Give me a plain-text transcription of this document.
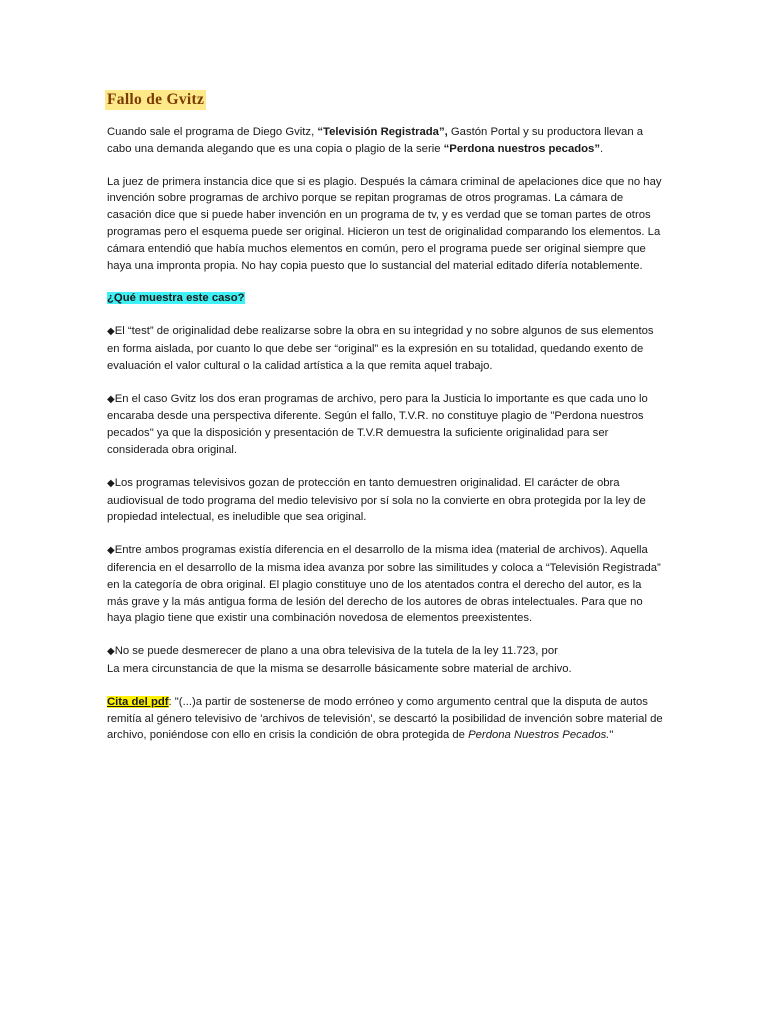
Fallo de Gvitz

Cuando sale el programa de Diego Gvitz, “Televisión Registrada”, Gastón Portal y su productora llevan a cabo una demanda alegando que es una copia o plagio de la serie “Perdona nuestros pecados”.

La juez de primera instancia dice que si es plagio. Después la cámara criminal de apelaciones dice que no hay invención sobre programas de archivo porque se repitan programas de otros programas. La cámara de casación dice que si puede haber invención en un programa de tv, y es verdad que se toman partes de otros programas pero el esquema puede ser original. Hicieron un test de originalidad comparando los elementos. La cámara entendió que había muchos elementos en común, pero el programa puede ser original siempre que haya una impronta propia. No hay copia puesto que lo sustancial del material editado difería notablemente.

¿Qué muestra este caso?

◆El “test” de originalidad debe realizarse sobre la obra en su integridad y no sobre algunos de sus elementos en forma aislada, por cuanto lo que debe ser “original” es la expresión en su totalidad, quedando exento de evaluación el valor cultural o la calidad artística a la que remita aquel trabajo.

◆En el caso Gvitz los dos eran programas de archivo, pero para la Justicia lo importante es que cada uno lo encaraba desde una perspectiva diferente. Según el fallo, T.V.R. no constituye plagio de "Perdona nuestros pecados" ya que la disposición y presentación de T.V.R demuestra la suficiente originalidad para ser considerada obra original.

◆Los programas televisivos gozan de protección en tanto demuestren originalidad. El carácter de obra audiovisual de todo programa del medio televisivo por sí sola no la convierte en obra protegida por la ley de propiedad intelectual, es ineludible que sea original.

◆Entre ambos programas existía diferencia en el desarrollo de la misma idea (material de archivos). Aquella diferencia en el desarrollo de la misma idea avanza por sobre las similitudes y coloca a “Televisión Registrada” en la categoría de obra original. El plagio constituye uno de los atentados contra el derecho del autor, es la más grave y la más antigua forma de lesión del derecho de los autores de obras intelectuales. Para que no haya plagio tiene que existir una combinación novedosa de elementos preexistentes.

◆No se puede desmerecer de plano a una obra televisiva de la tutela de la ley 11.723, por
La mera circunstancia de que la misma se desarrolle básicamente sobre material de archivo.

Cita del pdf: "(...)a partir de sostenerse de modo erróneo y como argumento central que la disputa de autos remitía al género televisivo de 'archivos de televisión', se descartó la posibilidad de invención sobre material de archivo, poniéndose con ello en crisis la condición de obra protegida de Perdona Nuestros Pecados."
